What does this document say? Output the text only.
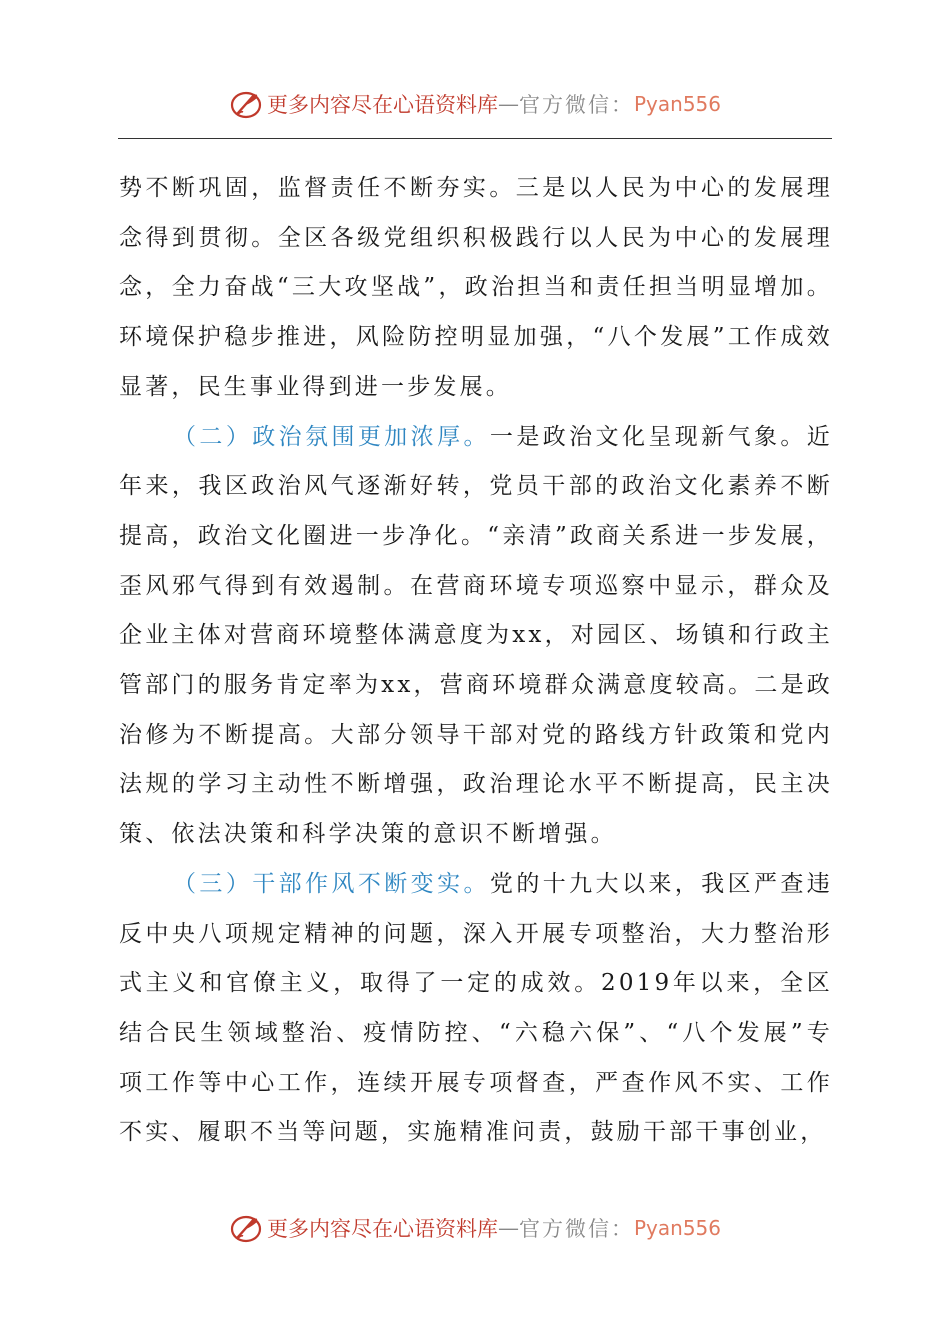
更多内容尽在心语资料库 — 官方微信： Pyan556

势不断巩固，监督责任不断夯实。三是以人民为中心的发展理念得到贯彻。全区各级党组织积极践行以人民为中心的发展理念，全力奋战“三大攻坚战”，政治担当和责任担当明显增加。环境保护稳步推进，风险防控明显加强，“八个发展”工作成效显著，民生事业得到进一步发展。

（二）政治氛围更加浓厚。一是政治文化呈现新气象。近年来，我区政治风气逐渐好转，党员干部的政治文化素养不断提高，政治文化圈进一步净化。“亲清”政商关系进一步发展，歪风邪气得到有效遏制。在营商环境专项巡察中显示，群众及企业主体对营商环境整体满意度为xx，对园区、场镇和行政主管部门的服务肯定率为xx，营商环境群众满意度较高。二是政治修为不断提高。大部分领导干部对党的路线方针政策和党内法规的学习主动性不断增强，政治理论水平不断提高，民主决策、依法决策和科学决策的意识不断增强。

（三）干部作风不断变实。党的十九大以来，我区严查违反中央八项规定精神的问题，深入开展专项整治，大力整治形式主义和官僚主义，取得了一定的成效。2019年以来，全区结合民生领域整治、疫情防控、“六稳六保”、“八个发展”专项工作等中心工作，连续开展专项督查，严查作风不实、工作不实、履职不当等问题，实施精准问责，鼓励干部干事创业，

更多内容尽在心语资料库 — 官方微信： Pyan556
